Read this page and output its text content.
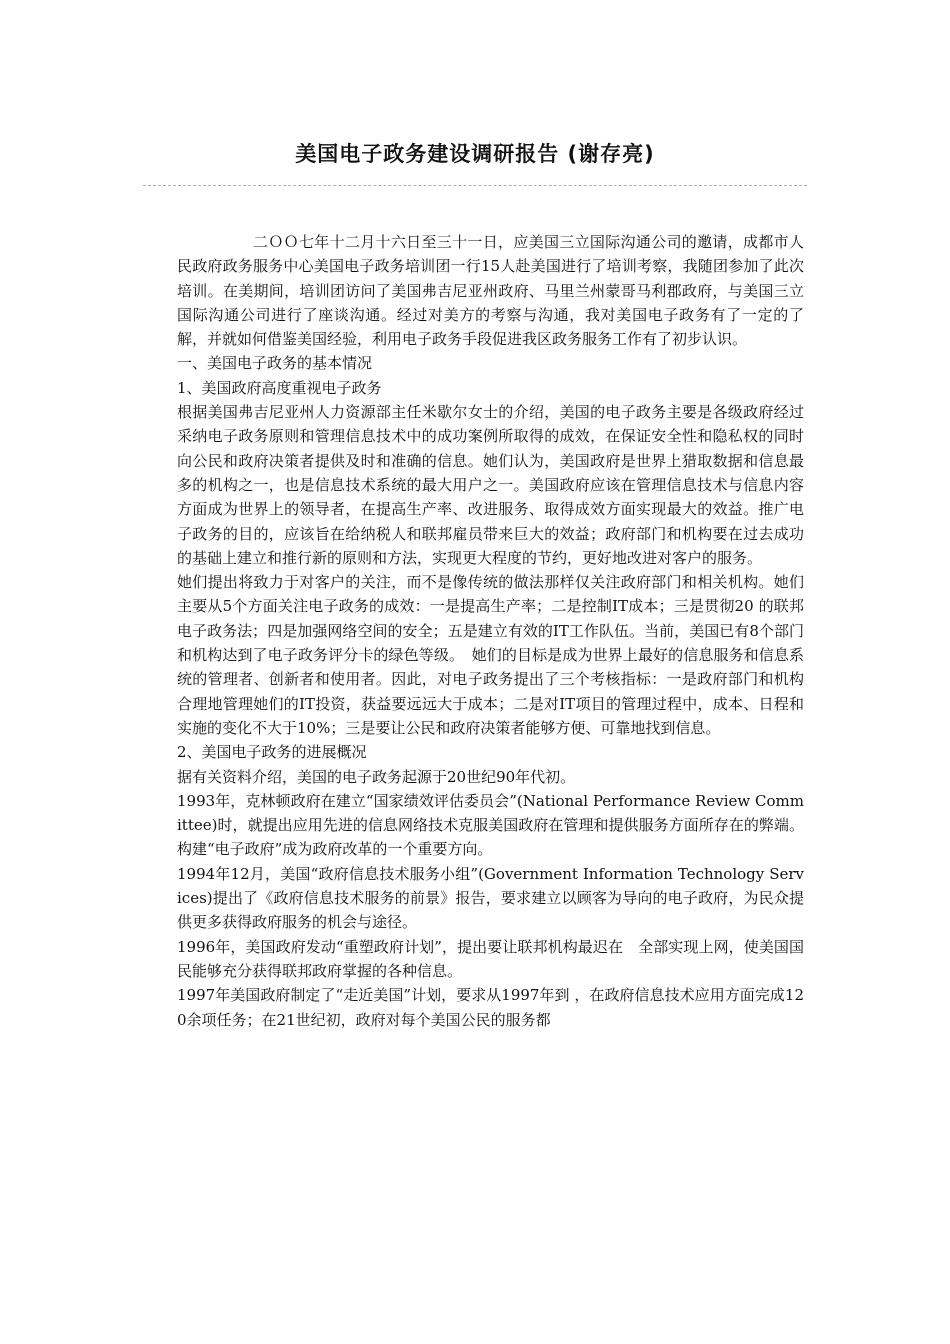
美国电子政务建设调研报告 (谢存亮)

二ＯＯ七年十二月十六日至三十一日，应美国三立国际沟通公司的邀请，成都市人民政府政务服务中心美国电子政务培训团一行15人赴美国进行了培训考察，我随团参加了此次培训。在美期间，培训团访问了美国弗吉尼亚州政府、马里兰州蒙哥马利郡政府，与美国三立国际沟通公司进行了座谈沟通。经过对美方的考察与沟通，我对美国电子政务有了一定的了解，并就如何借鉴美国经验，利用电子政务手段促进我区政务服务工作有了初步认识。

一、美国电子政务的基本情况

1、美国政府高度重视电子政务

根据美国弗吉尼亚州人力资源部主任米歇尔女士的介绍，美国的电子政务主要是各级政府经过采纳电子政务原则和管理信息技术中的成功案例所取得的成效，在保证安全性和隐私权的同时向公民和政府决策者提供及时和准确的信息。她们认为，美国政府是世界上猎取数据和信息最多的机构之一，也是信息技术系统的最大用户之一。美国政府应该在管理信息技术与信息内容方面成为世界上的领导者，在提高生产率、改进服务、取得成效方面实现最大的效益。推广电子政务的目的，应该旨在给纳税人和联邦雇员带来巨大的效益；政府部门和机构要在过去成功的基础上建立和推行新的原则和方法，实现更大程度的节约，更好地改进对客户的服务。

她们提出将致力于对客户的关注，而不是像传统的做法那样仅关注政府部门和相关机构。她们主要从5个方面关注电子政务的成效：一是提高生产率；二是控制IT成本；三是贯彻20 的联邦电子政务法；四是加强网络空间的安全；五是建立有效的IT工作队伍。当前，美国已有8个部门和机构达到了电子政务评分卡的绿色等级。　她们的目标是成为世界上最好的信息服务和信息系统的管理者、创新者和使用者。因此，对电子政务提出了三个考核指标：一是政府部门和机构合理地管理她们的IT投资，获益要远远大于成本；二是对IT项目的管理过程中，成本、日程和实施的变化不大于10%；三是要让公民和政府决策者能够方便、可靠地找到信息。

2、美国电子政务的进展概况

据有关资料介绍，美国的电子政务起源于20世纪90年代初。

1993年，克林顿政府在建立“国家绩效评估委员会”(National Performance Review Committee)时，就提出应用先进的信息网络技术克服美国政府在管理和提供服务方面所存在的弊端。构建“电子政府”成为政府改革的一个重要方向。

1994年12月，美国“政府信息技术服务小组”(Government Information Technology Services)提出了《政府信息技术服务的前景》报告，要求建立以顾客为导向的电子政府，为民众提供更多获得政府服务的机会与途径。

1996年，美国政府发动“重塑政府计划”，提出要让联邦机构最迟在　全部实现上网，使美国国民能够充分获得联邦政府掌握的各种信息。

1997年美国政府制定了“走近美国”计划，要求从1997年到 ，在政府信息技术应用方面完成120余项任务；在21世纪初，政府对每个美国公民的服务都
